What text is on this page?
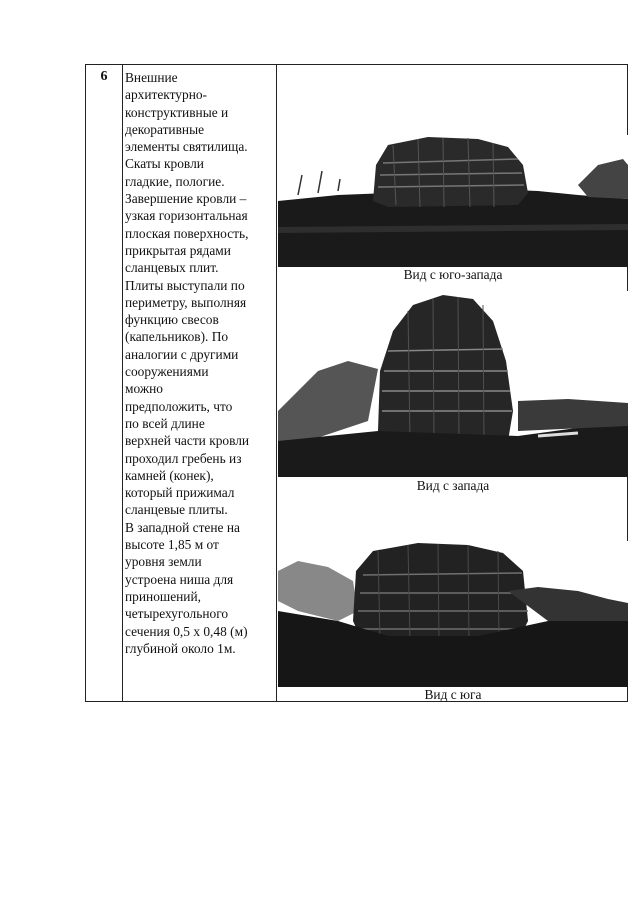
6	Внешние

архитектурно-

конструктивные и

декоративные

элементы святилища.

Скаты кровли

гладкие, пологие.

Завершение кровли –

узкая горизонтальная

плоская поверхность,

прикрытая рядами

сланцевых плит.

Плиты выступали по

периметру, выполняя

функцию свесов

(капельников). По

аналогии с другими

сооружениями

можно

предположить, что

по всей длине

верхней части кровли

проходил гребень из

камней (конек),

который прижимал

сланцевые плиты.

В западной стене на

высоте 1,85 м от

уровня земли

устроена ниша для

приношений,

четырехугольного

сечения 0,5 х 0,48 (м)

глубиной около 1м.

Вид с юго-запада
Вид с запада
Вид с юга
